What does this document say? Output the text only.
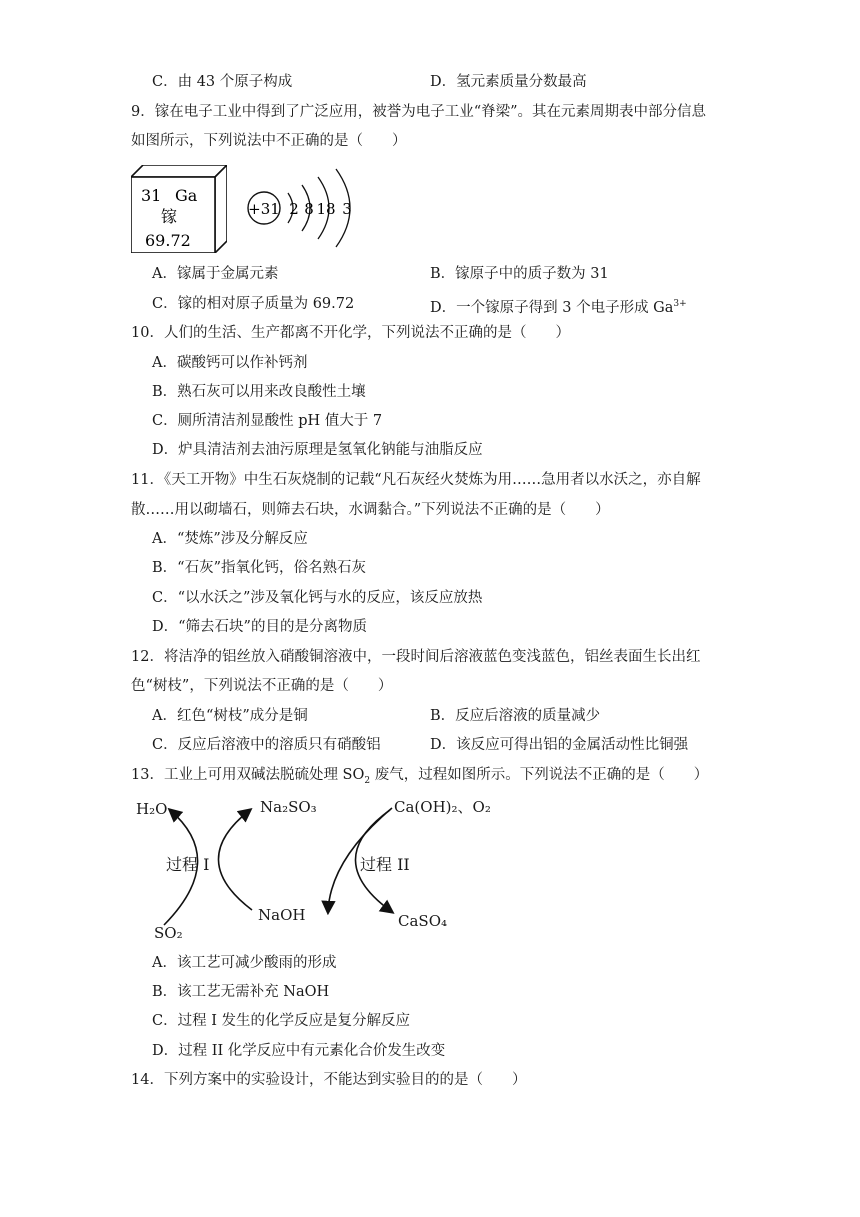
C．由 43 个原子构成	D．氢元素质量分数最高
9．镓在电子工业中得到了广泛应用，被誉为电子工业“脊梁”。其在元素周期表中部分信息
如图所示，下列说法中不正确的是（　　）
31 Ga
镓
69.72
+31 2 8 18 3
A．镓属于金属元素	B．镓原子中的质子数为 31
C．镓的相对原子质量为 69.72	D．一个镓原子得到 3 个电子形成 $Ga^{3+}$
10．人们的生活、生产都离不开化学，下列说法不正确的是（　　）
A．碳酸钙可以作补钙剂
B．熟石灰可以用来改良酸性土壤
C．厕所清洁剂显酸性 pH 值大于 7
D．炉具清洁剂去油污原理是氢氧化钠能与油脂反应
11．《天工开物》中生石灰烧制的记载“凡石灰经火焚炼为用……急用者以水沃之，亦自解
散……用以砌墙石，则筛去石块，水调黏合。”下列说法不正确的是（　　）
A．“焚炼”涉及分解反应
B．“石灰”指氧化钙，俗名熟石灰
C．“以水沃之”涉及氧化钙与水的反应，该反应放热
D．“筛去石块”的目的是分离物质
12．将洁净的铝丝放入硝酸铜溶液中，一段时间后溶液蓝色变浅蓝色，铝丝表面生长出红
色“树枝”，下列说法不正确的是（　　）
A．红色“树枝”成分是铜	B．反应后溶液的质量减少
C．反应后溶液中的溶质只有硝酸铝	D．该反应可得出铝的金属活动性比铜强
13．工业上可用双碱法脱硫处理 $SO_2$ 废气，过程如图所示。下列说法不正确的是（　　）
H₂O	Na₂SO₃	Ca(OH)₂、O₂
过程 I	过程 II
NaOH
SO₂
CaSO₄
A．该工艺可减少酸雨的形成
B．该工艺无需补充 NaOH
C．过程 I 发生的化学反应是复分解反应
D．过程 II 化学反应中有元素化合价发生改变
14．下列方案中的实验设计，不能达到实验目的的是（　　）
